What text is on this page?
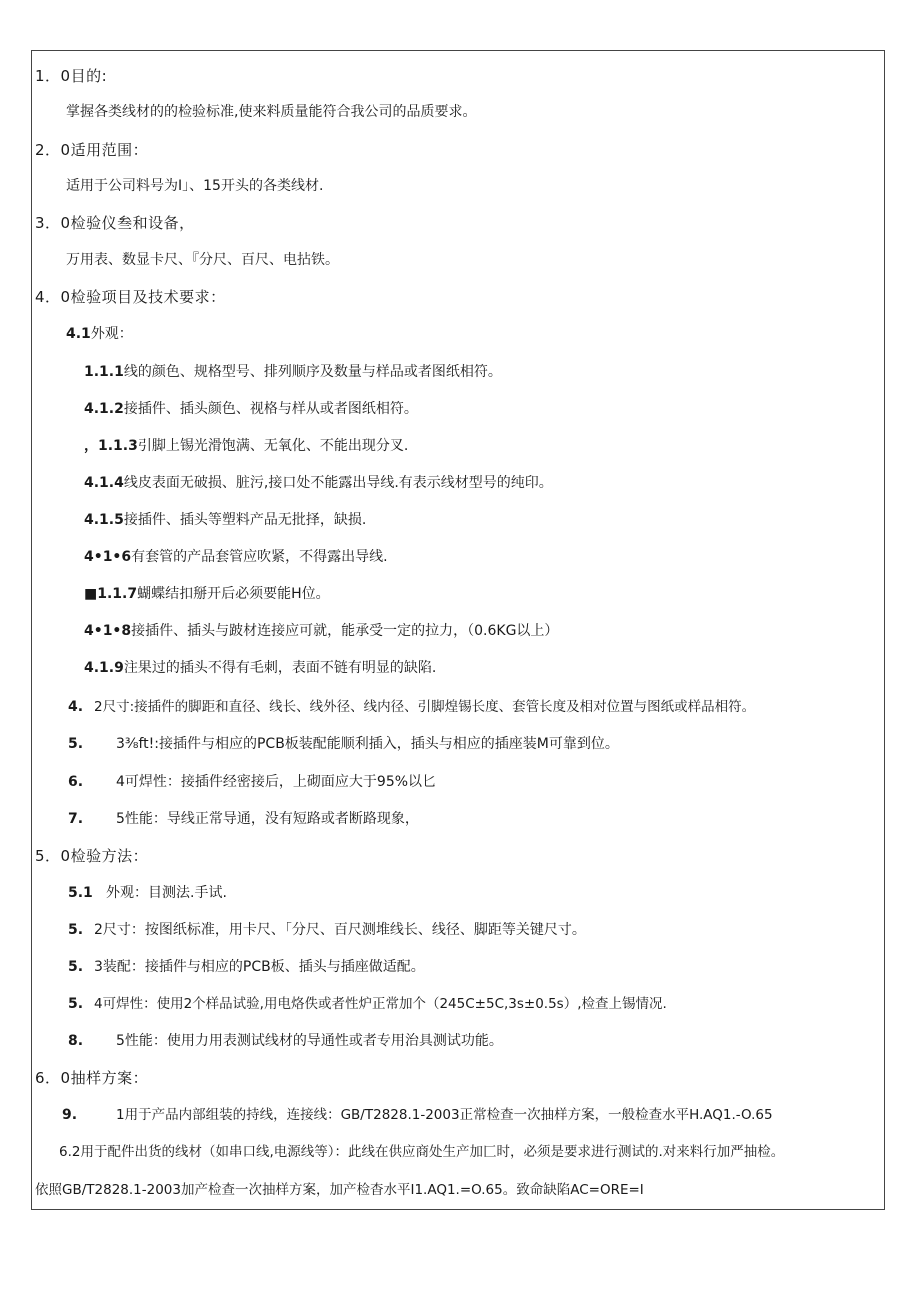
1．0目的:
掌握各类线材的的检验标准,使来料质量能符合我公司的品质要求。
2．0适用范围：
适用于公司料号为I」、15开头的各类线材.
3．0检验仪叁和设备，
万用表、数显卡尺、『分尺、百尺、电拈铁。
4．0检验项目及技术要求：
4.1外观：
1.1.1线的颜色、规格型号、排列顺序及数量与样品或者图纸相符。
4.1.2接插件、插头颜色、视格与样从或者图纸相符。
，1.1.3引脚上锡光滑饱满、无氧化、不能出现分叉.
4.1.4线皮表面无破损、脏污,接口处不能露出导线.有表示线材型号的纯印。
4.1.5接插件、插头等塑料产品无批择，缺损.
4•1•6有套管的产品套管应吹紧，不得露出导线.
■1.1.7蝴蝶结扣掰开后必须要能H位。
4•1•8接插件、插头与跛材连接应可就，能承受一定的拉力，（0.6KG以上）
4.1.9注果过的插头不得有毛刺，表面不链有明显的缺陷.
4. 2尺寸:接插件的脚距和直径、线长、线外径、线内径、引脚煌锡长度、套管长度及相对位置与图纸或样品相符。
5. 3⅜ft!:接插件与相应的PCB板装配能顺利插入，插头与相应的插座装M可靠到位。
6. 4可焊性：接插件经密接后，上砌面应大于95%以匕
7. 5性能：导线正常导通，没有短路或者断路现象，
5．0检验方法：
5.1 外观：目测法.手试.
5. 2尺寸：按图纸标准，用卡尺、「分尺、百尺测堆线长、线径、脚距等关键尺寸。
5. 3装配：接插件与相应的PCB板、插头与插座做适配。
5. 4可焊性：使用2个样品试验,用电烙佚或者性炉正常加个（245C±5C,3s±0.5s）,检查上锡情况.
8. 5性能：使用力用表测试线材的导通性或者专用治具测试功能。
6．0抽样方案：
9.	1用于产品内部组装的持线，连接线：GB/T2828.1-2003正常检查一次抽样方案，一般检查水平H.AQ1.-O.65
6.2用于配件出货的线材（如串口线,电源线等）：此线在供应商处生产加匚时，必须是要求进行测试的.对来料行加严抽检。
依照GB/T2828.1-2003加产检查一次抽样方案，加产检杳水平I1.AQ1.=O.65。致命缺陷AC=ORE=I
